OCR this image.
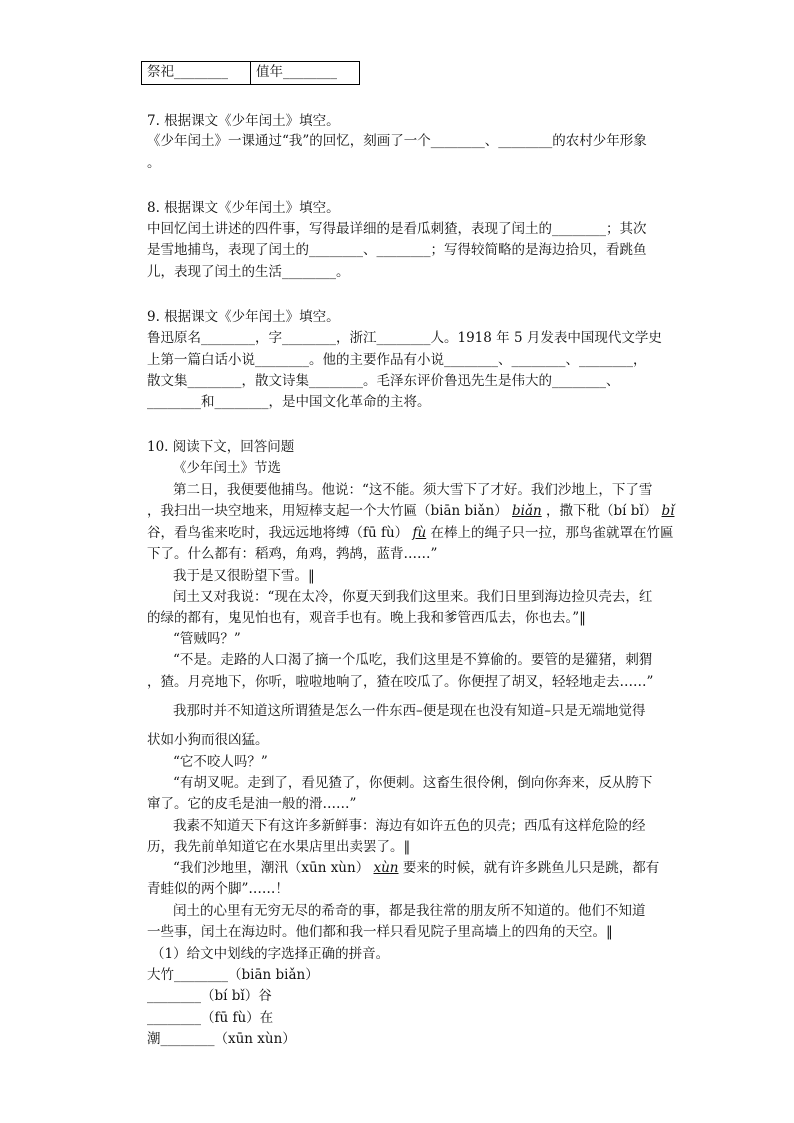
祭祀________	值年________
7. 根据课文《少年闰土》填空。
《少年闰土》一课通过“我”的回忆，刻画了一个________、________的农村少年形象
。
8. 根据课文《少年闰土》填空。
中回忆闰土讲述的四件事，写得最详细的是看瓜刺猹，表现了闰土的________；其次
是雪地捕鸟，表现了闰土的________、________；写得较简略的是海边拾贝，看跳鱼
儿，表现了闰土的生活________。
9. 根据课文《少年闰土》填空。
鲁迅原名________，字________，浙江________人。1918 年 5 月发表中国现代文学史
上第一篇白话小说________。他的主要作品有小说________、________、________，
散文集________，散文诗集________。毛泽东评价鲁迅先生是伟大的________、
________和________，是中国文化革命的主将。
10. 阅读下文，回答问题
《少年闰土》节选
第二日，我便要他捕鸟。他说：“这不能。须大雪下了才好。我们沙地上，下了雪
，我扫出一块空地来，用短棒支起一个大竹匾（biān biǎn） biǎn ，撒下秕（bí bǐ） bǐ
谷，看鸟雀来吃时，我远远地将缚（fū fù） fù 在棒上的绳子只一拉，那鸟雀就罩在竹匾
下了。什么都有：稻鸡，角鸡，鹁鸪，蓝背……”
我于是又很盼望下雪。‖
闰土又对我说：“现在太冷，你夏天到我们这里来。我们日里到海边捡贝壳去，红
的绿的都有，鬼见怕也有，观音手也有。晚上我和爹管西瓜去，你也去。”‖
“管贼吗？”
“不是。走路的人口渴了摘一个瓜吃，我们这里是不算偷的。要管的是獾猪，刺猬
，猹。月亮地下，你听，啦啦地响了，猹在咬瓜了。你便捏了胡叉，轻轻地走去……”
我那时并不知道这所谓猹是怎么一件东西–便是现在也没有知道–只是无端地觉得
状如小狗而很凶猛。
“它不咬人吗？”
“有胡叉呢。走到了，看见猹了，你便刺。这畜生很伶俐，倒向你奔来，反从胯下
窜了。它的皮毛是油一般的滑……”
我素不知道天下有这许多新鲜事：海边有如许五色的贝壳；西瓜有这样危险的经
历，我先前单知道它在水果店里出卖罢了。‖
“我们沙地里，潮汛（xūn xùn） xùn 要来的时候，就有许多跳鱼儿只是跳，都有
青蛙似的两个脚”……！
闰土的心里有无穷无尽的希奇的事，都是我往常的朋友所不知道的。他们不知道
一些事，闰土在海边时。他们都和我一样只看见院子里高墙上的四角的天空。‖
（1）给文中划线的字选择正确的拼音。
大竹________（biān biǎn）
________（bí bǐ）谷
________（fū fù）在
潮________（xūn xùn）
